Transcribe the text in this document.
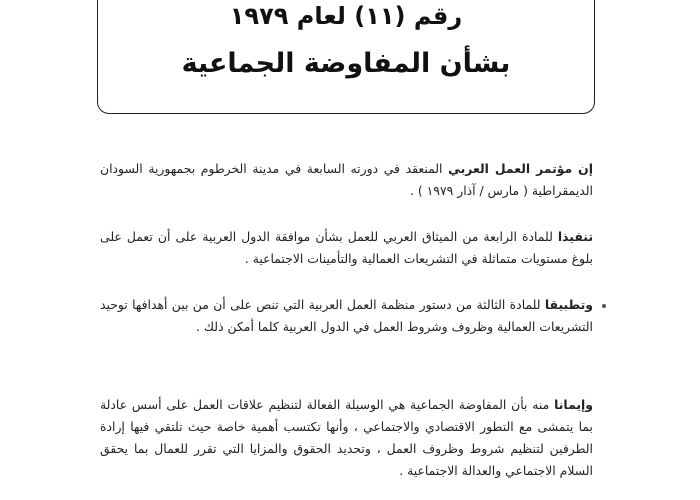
رقم (١١) لعام ١٩٧٩
بشأن المفاوضة الجماعية
إن مؤتمر العمل العربي المنعقد في دورته السابعة في مدينة الخرطوم بجمهورية السودان الديمقراطية ( مارس / آذار ١٩٧٩ ) .
تنفيذا للمادة الرابعة من الميثاق العربي للعمل بشأن موافقة الدول العربية على أن تعمل على بلوغ مستويات متماثلة في التشريعات العمالية والتأمينات الاجتماعية .
وتطبيقا للمادة الثالثة من دستور منظمة العمل العربية التي تنص على أن من بين أهدافها توحيد التشريعات العمالية وظروف وشروط العمل في الدول العربية كلما أمكن ذلك .
وإيمانا منه بأن المفاوضة الجماعية هي الوسيلة الفعالة لتنظيم علاقات العمل على أسس عادلة بما يتمشى مع التطور الاقتصادي والاجتماعي ، وأنها تكتسب أهمية خاصة حيث تلتقي فيها إرادة الطرفين لتنظيم شروط وظروف العمل ، وتحديد الحقوق والمزايا التي تقرر للعمال بما يحقق السلام الاجتماعي والعدالة الاجتماعية .
